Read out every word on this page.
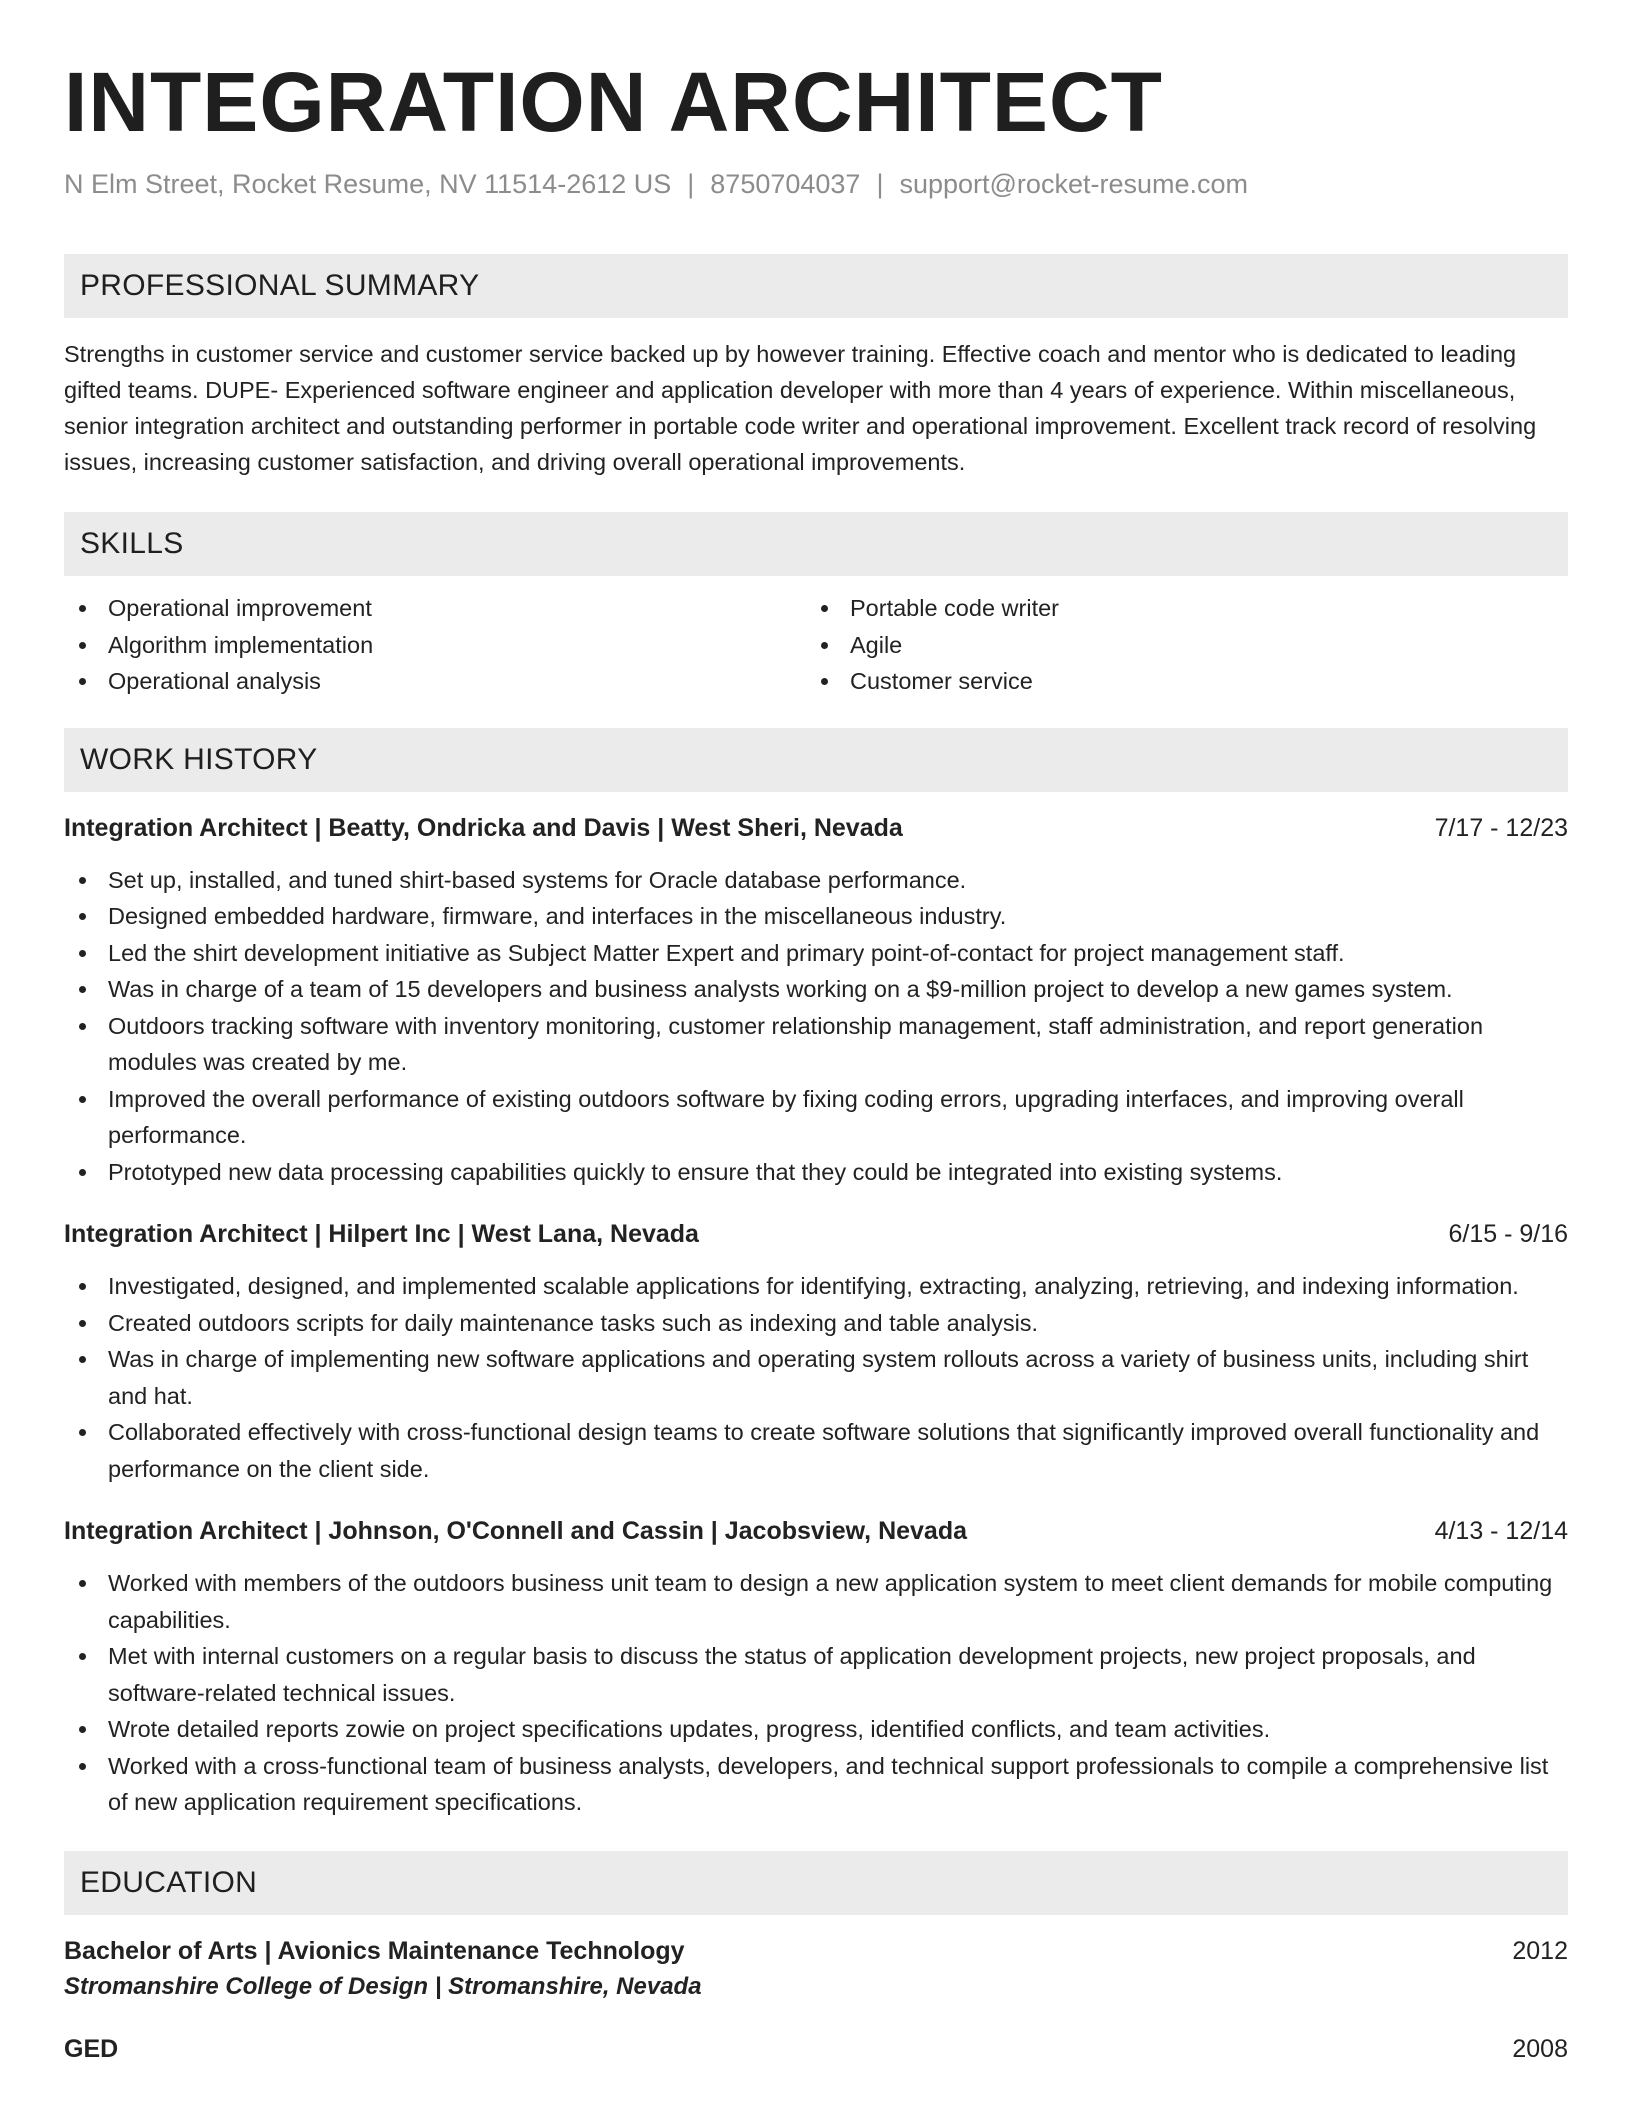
INTEGRATION ARCHITECT
N Elm Street, Rocket Resume, NV 11514-2612 US | 8750704037 | support@rocket-resume.com
PROFESSIONAL SUMMARY
Strengths in customer service and customer service backed up by however training. Effective coach and mentor who is dedicated to leading gifted teams. DUPE- Experienced software engineer and application developer with more than 4 years of experience. Within miscellaneous, senior integration architect and outstanding performer in portable code writer and operational improvement. Excellent track record of resolving issues, increasing customer satisfaction, and driving overall operational improvements.
SKILLS
Operational improvement
Algorithm implementation
Operational analysis
Portable code writer
Agile
Customer service
WORK HISTORY
Integration Architect | Beatty, Ondricka and Davis | West Sheri, Nevada	7/17 - 12/23
Set up, installed, and tuned shirt-based systems for Oracle database performance.
Designed embedded hardware, firmware, and interfaces in the miscellaneous industry.
Led the shirt development initiative as Subject Matter Expert and primary point-of-contact for project management staff.
Was in charge of a team of 15 developers and business analysts working on a $9-million project to develop a new games system.
Outdoors tracking software with inventory monitoring, customer relationship management, staff administration, and report generation modules was created by me.
Improved the overall performance of existing outdoors software by fixing coding errors, upgrading interfaces, and improving overall performance.
Prototyped new data processing capabilities quickly to ensure that they could be integrated into existing systems.
Integration Architect | Hilpert Inc | West Lana, Nevada	6/15 - 9/16
Investigated, designed, and implemented scalable applications for identifying, extracting, analyzing, retrieving, and indexing information.
Created outdoors scripts for daily maintenance tasks such as indexing and table analysis.
Was in charge of implementing new software applications and operating system rollouts across a variety of business units, including shirt and hat.
Collaborated effectively with cross-functional design teams to create software solutions that significantly improved overall functionality and performance on the client side.
Integration Architect | Johnson, O'Connell and Cassin | Jacobsview, Nevada	4/13 - 12/14
Worked with members of the outdoors business unit team to design a new application system to meet client demands for mobile computing capabilities.
Met with internal customers on a regular basis to discuss the status of application development projects, new project proposals, and software-related technical issues.
Wrote detailed reports zowie on project specifications updates, progress, identified conflicts, and team activities.
Worked with a cross-functional team of business analysts, developers, and technical support professionals to compile a comprehensive list of new application requirement specifications.
EDUCATION
Bachelor of Arts | Avionics Maintenance Technology	2012
Stromanshire College of Design | Stromanshire, Nevada
GED	2008
